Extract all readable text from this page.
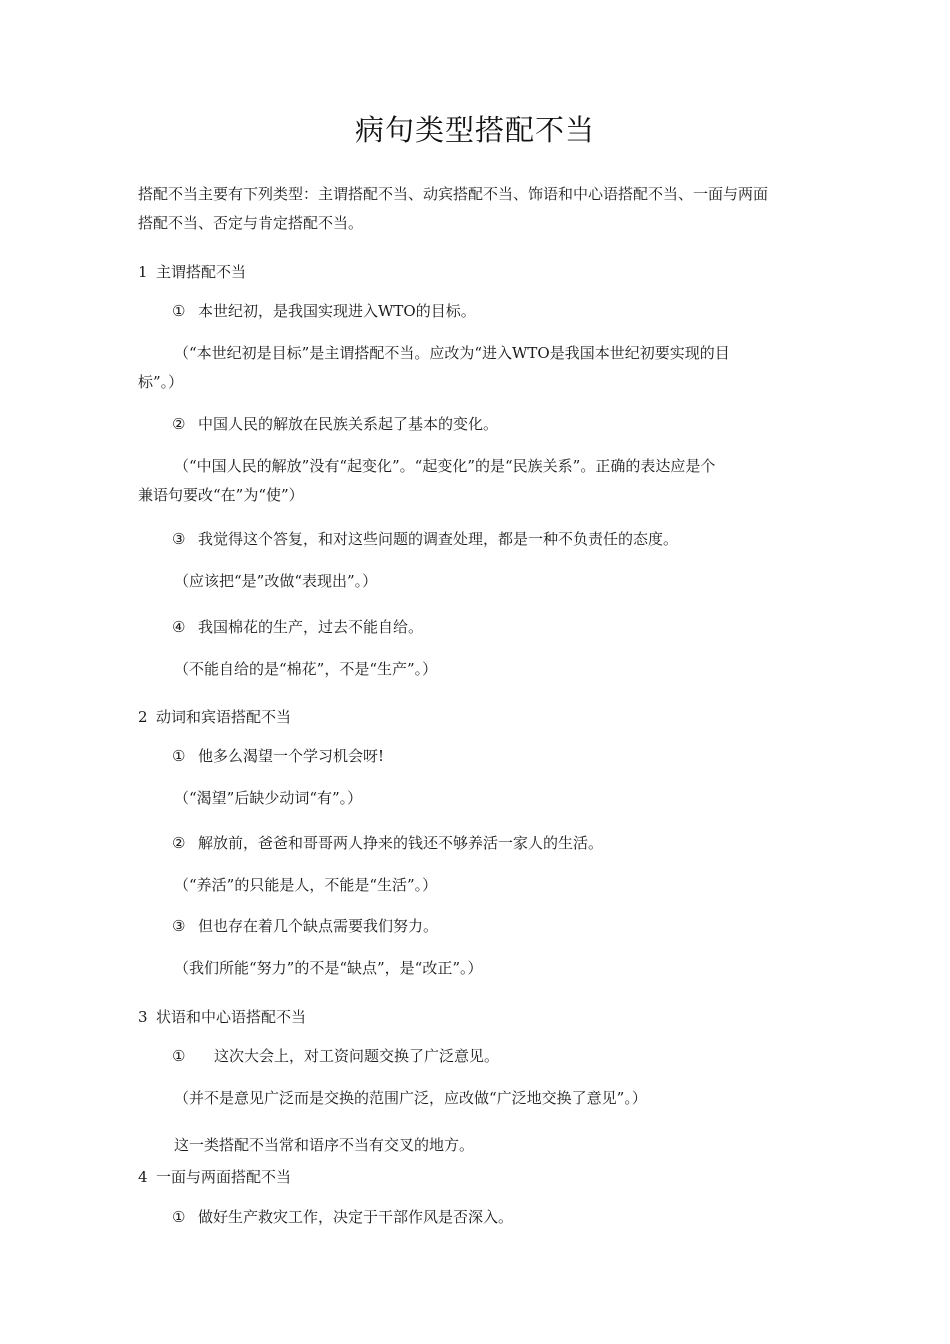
病句类型搭配不当
搭配不当主要有下列类型：主谓搭配不当、动宾搭配不当、饰语和中心语搭配不当、一面与两面
搭配不当、否定与肯定搭配不当。
1 主谓搭配不当
① 本世纪初，是我国实现进入WTO的目标。
（“本世纪初是目标”是主谓搭配不当。应改为“进入WTO是我国本世纪初要实现的目
标”。）
② 中国人民的解放在民族关系起了基本的变化。
（“中国人民的解放”没有“起变化”。“起变化”的是“民族关系”。正确的表达应是个
兼语句要改“在”为“使”）
③ 我觉得这个答复，和对这些问题的调查处理，都是一种不负责任的态度。
（应该把“是”改做“表现出”。）
④ 我国棉花的生产，过去不能自给。
（不能自给的是“棉花”，不是“生产”。）
2 动词和宾语搭配不当
① 他多么渴望一个学习机会呀!
（“渴望”后缺少动词“有”。）
② 解放前，爸爸和哥哥两人挣来的钱还不够养活一家人的生活。
（“养活”的只能是人，不能是“生活”。）
③ 但也存在着几个缺点需要我们努力。
（我们所能“努力”的不是“缺点”，是“改正”。）
3 状语和中心语搭配不当
① 这次大会上，对工资问题交换了广泛意见。
（并不是意见广泛而是交换的范围广泛，应改做“广泛地交换了意见”。）
这一类搭配不当常和语序不当有交叉的地方。
4 一面与两面搭配不当
① 做好生产救灾工作，决定于干部作风是否深入。
